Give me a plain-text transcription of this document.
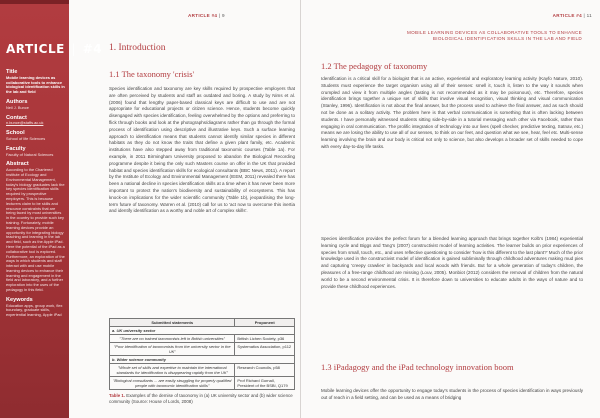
Title
Mobile learning devices as collaborative tools to enhance biological identification skills in the lab and field
Authors
Neil J. Bunce
Contact
n.bunce@staffs.ac.uk
School
School of life Sciences
Faculty
Faculty of Natural Sciences
Abstract
According to the Chartered Institute of Ecology and Environmental Management, today's biology graduates lack the key species identification skills required by prospective employers. This is because lecturers claim to be skills and resource constraints that are being faced by most universities in the country to provide such key training. Fortunately, mobile learning devices provide an opportunity for integrating biology teaching and learning in the lab and field, such as the Apple iPad. Here the potential of the iPad as a collaborative tool is explored. Furthermore, an exploration of the ways in which students and staff interact with and use mobile learning devices to enhance their learning and engagement in the field and laboratory, and a further exploration into the uses of the pedagogy in this field.
Keywords
Education apps, group work, flex boundary, graduate skills, experiential learning, Apple iPad
ARTICLE | #4
ARTICLE #4 | 9
1. Introduction
1.1 The taxonomy 'crisis'

Species identification and taxonomy are key skills required by prospective employers that are often perceived by students and staff as outdated and boring. A study by Nims et al. (2006) found that lengthy paper-based classical keys are difficult to use and are not appropriate for educational projects or citizen science. Hence, students become quickly disengaged with species identification, feeling overwhelmed by the options and preferring to flick through books and look at the photographs/diagrams rather than go through the formal process of identification using descriptive and illustrative keys. Such a surface learning approach to identification means that students cannot identify similar species in different habitats as they do not know the traits that define a given plant family, etc. Academic institutions have also stepped away from traditional taxonomic courses (Table 1a). For example, in 2011 Birmingham University proposed to abandon the Biological Recording programme despite it being the only such Masters course on offer in the UK that provided habitat and species identification skills for ecological consultants (BBC News, 2011). A report by the Institute of Ecology and Environmental Management (IEEM, 2011) revealed there has been a national decline in species identification skills at a time when it has never been more important to protect the nation's biodiversity and sustainability of ecosystems. This has knock-on implications for the wider scientific community (Table 1b), jeopardising the long-term future of taxonomy. Warren et al. (2010) call for us to 'act now to overcome this inertia and identify identification as a worthy and noble art of complex skills'.

Submitted statements	Proponent
a. UK university sector	
"There are no trained taxonomists left in British universities"	British Lichen Society, p36
"Poor identification of taxonomists from the university sector in the UK"	Systematics Association, p112
b. Wider science community	
"Whole set of skills and expertise to maintain the international standards for identification is disappearing rapidly from the UK"	Research Councils, p58
"Biological consultants ... are easily struggling for properly qualified people with taxonomic identification skills"	Prof Richard Gornall, President of the BSBI, Q179
Table 1. Examples of the demise of taxonomy in (a) UK university sector and (b) wider science community (Source: House of Lords, 2008)
ARTICLE #4 | 11
MOBILE LEARNING DEVICES AS COLLABORATIVE TOOLS TO ENHANCE BIOLOGICAL IDENTIFICATION SKILLS IN THE LAB AND FIELD
1.2 The pedagogy of taxonomy

Identification is a critical skill for a biologist that is an active, experiential and exploratory learning activity (Kayfo Nature, 2010). Students must experience the target organism using all of their senses: smell it, touch it, listen to the way it sounds when crumpled and view it from multiple angles (tasting is not recommended as it may be poisonous), etc. Therefore, species identification brings together a unique set of skills that involve visual recognition, visual thinking and visual communication (Stanley, 1996). Identification is not about the final answer, but the process used to achieve the final answer, and as such should not be done as a solitary activity. The problem here is that verbal communication is something that is often lacking between students. I have personally witnessed students sitting side-by-side in a tutorial messaging each other via Facebook, rather than engaging in oral communication. The prolific integration of technology into our lives (spell checker, predictive texting, Satnav, etc.) means we are losing the ability to use all of our senses, to think on our feet, and question what we see, hear, feel etc. Multi-sense learning involving the brain and our body is critical not only to science, but also develops a broader set of skills needed to cope with every day-to-day life tasks.

Species identification provides the perfect forum for a blended learning approach that brings together Kolb's (1984) experiential learning cycle and Biggs and Tang's (2007) constructivist model of learning activities. The learner builds on prior experiences of species from small, touch, etc., and uses reflective questioning to consider 'how is this different to the last plant?' Much of the prior knowledge used in the constructivist model of identification is gained subliminally through childhood adventures making mud pies and capturing 'creepy crawlies' in backyards and local woods with friends. But for a whole generation of today's children, the pleasures of a free-range childhood are missing (Louv, 2005). Monbiot (2012) considers the removal of children from the natural world to be a second environmental crisis. It is therefore down to universities to educate adults in the ways of nature and to provide these childhood experiences.

1.3 iPadagogy and the iPad technology innovation boom

Mobile learning devices offer the opportunity to engage today's students in the process of species identification in ways previously out of reach in a field setting, and can be used as a means of bridging
